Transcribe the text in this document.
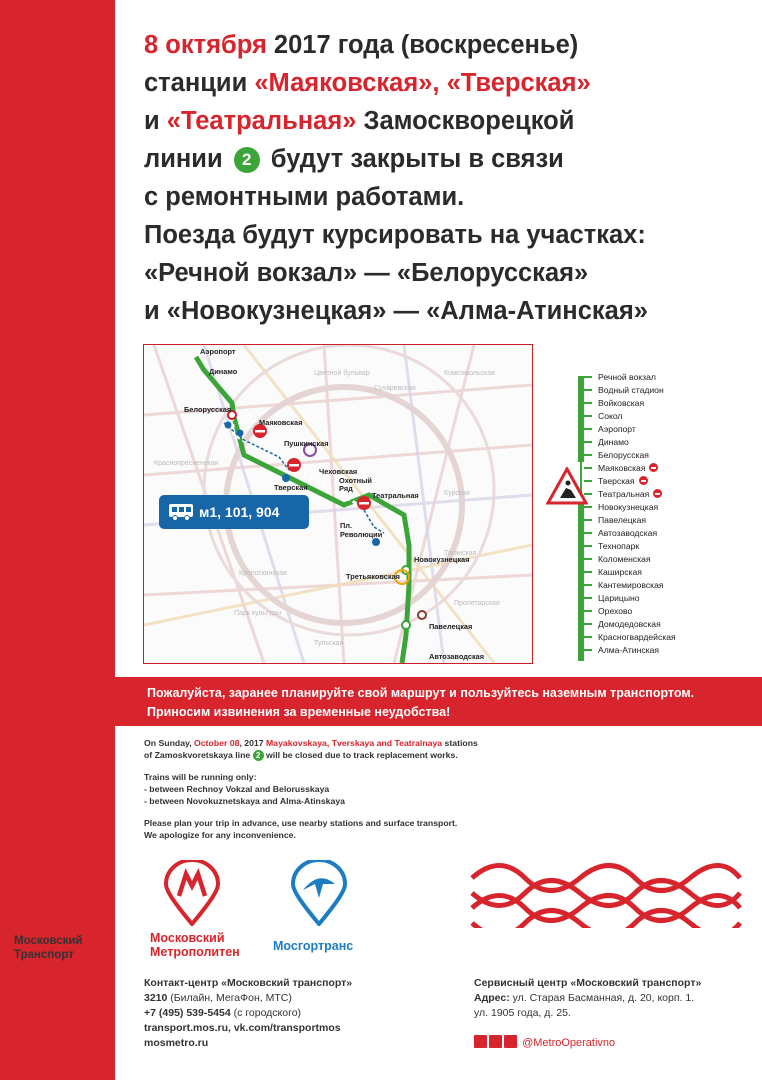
8 октября 2017 года (воскресенье)
станции «Маяковская», «Тверская»
и «Театральная» Замоскворецкой
линии 2 будут закрыты в связи
с ремонтными работами.
Поезда будут курсировать на участках:
«Речной вокзал» — «Белорусская»
и «Новокузнецкая» — «Алма-Атинская»
Цветной бульвар
Сухаревская
Комсомольская
Краснопресненская
Курская
Кропоткинская
Таганская
Парк культуры
Пролетарская
Тульская
Аэропорт
Динамо
Белорусская
Маяковская
Пушкинская
Чеховская
Тверская
Охотный Ряд
Театральная
Пл. Революции
Новокузнецкая
Третьяковская
Павелецкая
Автозаводская
м1, 101, 904
Речной вокзал
Водный стадион
Войковская
Сокол
Аэропорт
Динамо
Белорусская
Маяковская
Тверская
Театральная
Новокузнецкая
Павелецкая
Автозаводская
Технопарк
Коломенская
Каширская
Кантемировская
Царицыно
Орехово
Домодедовская
Красногвардейская
Алма-Атинская
Пожалуйста, заранее планируйте свой маршрут и пользуйтесь наземным транспортом.
Приносим извинения за временные неудобства!

On Sunday, October 08, 2017 Mayakovskaya, Tverskaya and Teatralnaya stations
of Zamoskvoretskaya line 2 will be closed due to track replacement works.

Trains will be running only:
- between Rechnoy Vokzal and Belorusskaya
- between Novokuznetskaya and Alma-Atinskaya

Please plan your trip in advance, use nearby stations and surface transport.
We apologize for any inconvenience.

Московский
Транспорт
Московский
Метрополитен	Мосгортранс
Контакт-центр «Московский транспорт»
3210 (Билайн, МегаФон, МТС)
+7 (495) 539-5454 (с городского)
transport.mos.ru, vk.com/transportmos
mosmetro.ru
Сервисный центр «Московский транспорт»
Адрес: ул. Старая Басманная, д. 20, корп. 1.
ул. 1905 года, д. 25.
@MetroOperativno
